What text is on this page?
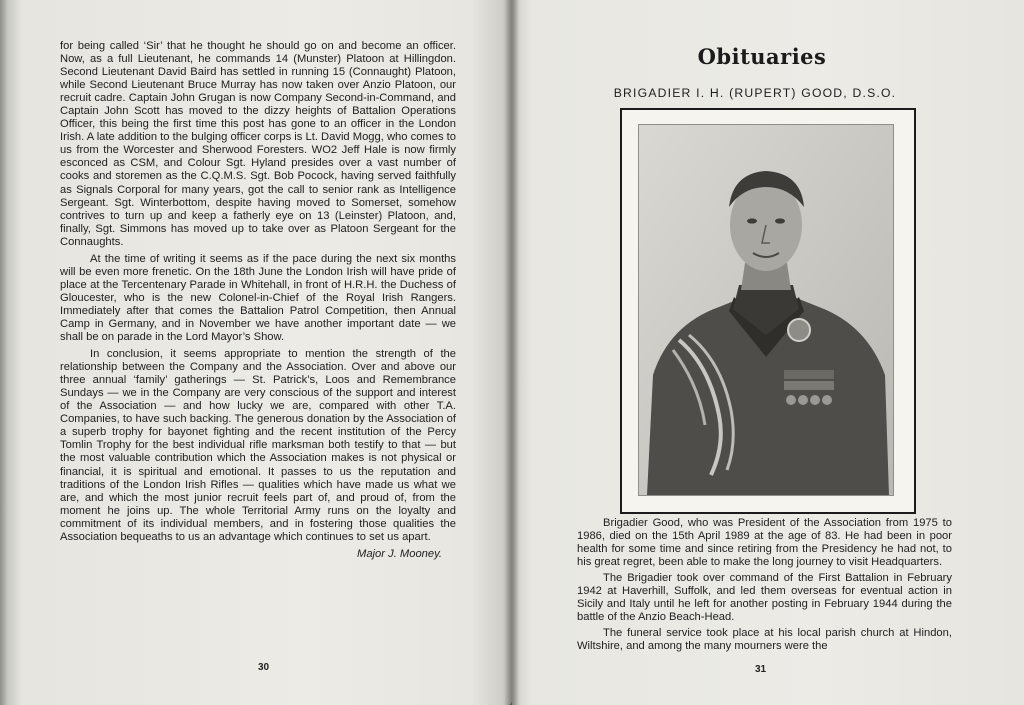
for being called ‘Sir’ that he thought he should go on and become an officer. Now, as a full Lieutenant, he commands 14 (Munster) Platoon at Hillingdon. Second Lieutenant David Baird has settled in running 15 (Connaught) Platoon, while Second Lieutenant Bruce Murray has now taken over Anzio Platoon, our recruit cadre. Captain John Grugan is now Company Second-in-Command, and Captain John Scott has moved to the dizzy heights of Battalion Operations Officer, this being the first time this post has gone to an officer in the London Irish. A late addition to the bulging officer corps is Lt. David Mogg, who comes to us from the Worcester and Sherwood Foresters. WO2 Jeff Hale is now firmly esconced as CSM, and Colour Sgt. Hyland presides over a vast number of cooks and storemen as the C.Q.M.S. Sgt. Bob Pocock, having served faithfully as Signals Corporal for many years, got the call to senior rank as Intelligence Sergeant. Sgt. Winterbottom, despite having moved to Somerset, somehow contrives to turn up and keep a fatherly eye on 13 (Leinster) Platoon, and, finally, Sgt. Simmons has moved up to take over as Platoon Sergeant for the Connaughts.

At the time of writing it seems as if the pace during the next six months will be even more frenetic. On the 18th June the London Irish will have pride of place at the Tercentenary Parade in Whitehall, in front of H.R.H. the Duchess of Gloucester, who is the new Colonel-in-Chief of the Royal Irish Rangers. Immediately after that comes the Battalion Patrol Competition, then Annual Camp in Germany, and in November we have another important date — we shall be on parade in the Lord Mayor’s Show.

In conclusion, it seems appropriate to mention the strength of the relationship between the Company and the Association. Over and above our three annual ‘family’ gatherings — St. Patrick’s, Loos and Remembrance Sundays — we in the Company are very conscious of the support and interest of the Association — and how lucky we are, compared with other T.A. Companies, to have such backing. The generous donation by the Association of a superb trophy for bayonet fighting and the recent institution of the Percy Tomlin Trophy for the best individual rifle marksman both testify to that — but the most valuable contribution which the Association makes is not physical or financial, it is spiritual and emotional. It passes to us the reputation and traditions of the London Irish Rifles — qualities which have made us what we are, and which the most junior recruit feels part of, and proud of, from the moment he joins up. The whole Territorial Army runs on the loyalty and commitment of its individual members, and in fostering those qualities the Association bequeaths to us an advantage which continues to set us apart.

Major J. Mooney.
30
Obituaries
BRIGADIER I. H. (RUPERT) GOOD, D.S.O.

Brigadier Good, who was President of the Association from 1975 to 1986, died on the 15th April 1989 at the age of 83. He had been in poor health for some time and since retiring from the Presidency he had not, to his great regret, been able to make the long journey to visit Headquarters.

The Brigadier took over command of the First Battalion in February 1942 at Haverhill, Suffolk, and led them overseas for eventual action in Sicily and Italy until he left for another posting in February 1944 during the battle of the Anzio Beach-Head.

The funeral service took place at his local parish church at Hindon, Wiltshire, and among the many mourners were the

31
